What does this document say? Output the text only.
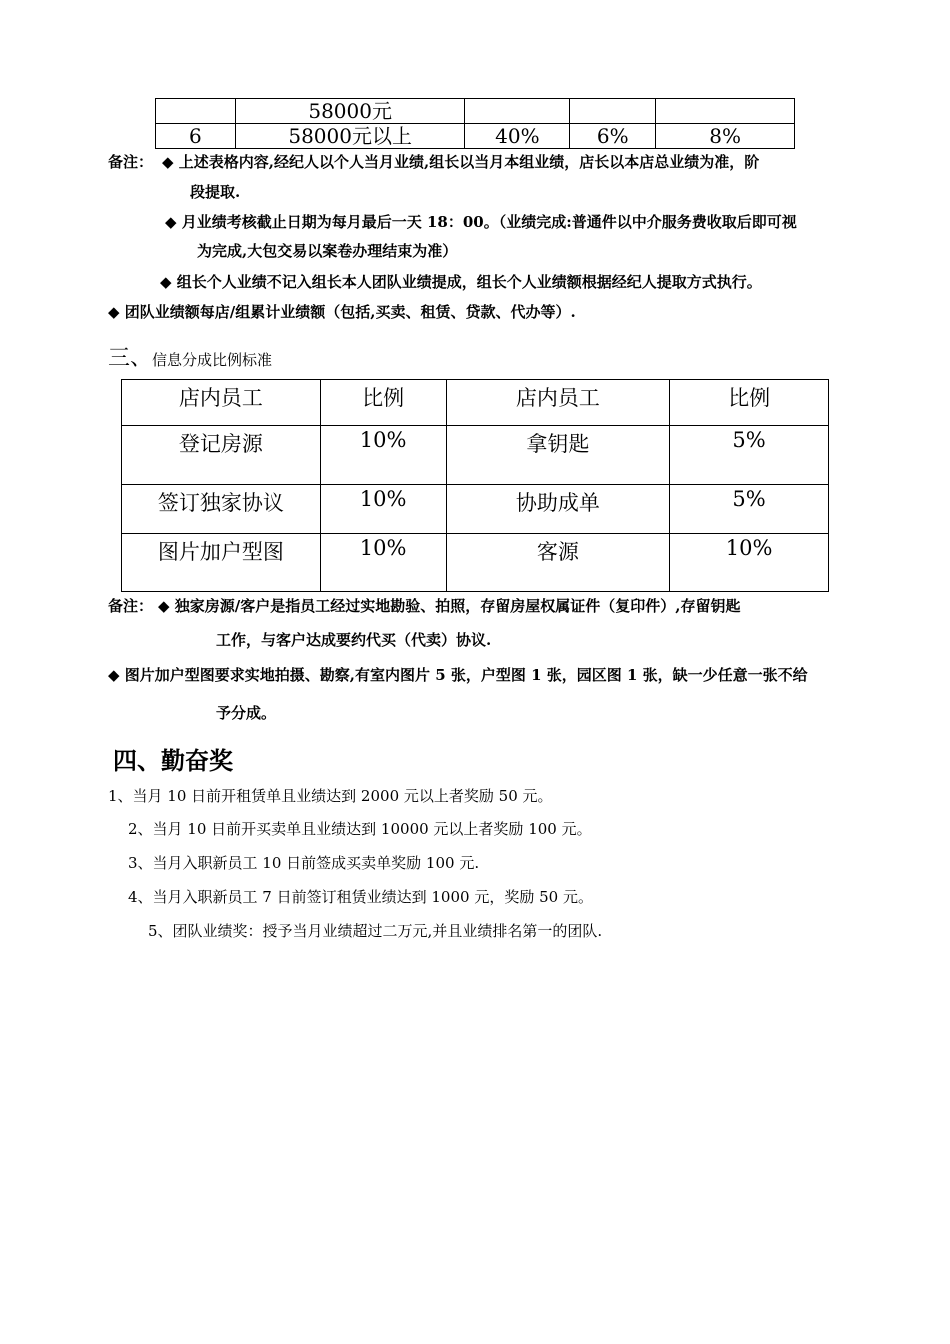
	58000元			
6	58000元以上	40%	6%	8%
备注： ◆ 上述表格内容,经纪人以个人当月业绩,组长以当月本组业绩，店长以本店总业绩为准，阶
段提取.
◆ 月业绩考核截止日期为每月最后一天 18：00。（业绩完成:普通件以中介服务费收取后即可视
为完成,大包交易以案卷办理结束为准）
◆ 组长个人业绩不记入组长本人团队业绩提成，组长个人业绩额根据经纪人提取方式执行。
◆ 团队业绩额每店/组累计业绩额（包括,买卖、租赁、贷款、代办等）.
三、信息分成比例标准
店内员工	比例	店内员工	比例
登记房源	10%	拿钥匙	5%
签订独家协议	10%	协助成单	5%
图片加户型图	10%	客源	10%
备注： ◆ 独家房源/客户是指员工经过实地勘验、拍照，存留房屋权属证件（复印件）,存留钥匙
工作，与客户达成要约代买（代卖）协议.
◆ 图片加户型图要求实地拍摄、勘察,有室内图片 5 张，户型图 1 张，园区图 1 张，缺一少任意一张不给
予分成。
四、勤奋奖
1、当月 10 日前开租赁单且业绩达到 2000 元以上者奖励 50 元。
2、当月 10 日前开买卖单且业绩达到 10000 元以上者奖励 100 元。
3、当月入职新员工 10 日前签成买卖单奖励 100 元.
4、当月入职新员工 7 日前签订租赁业绩达到 1000 元，奖励 50 元。
5、团队业绩奖：授予当月业绩超过二万元,并且业绩排名第一的团队.
